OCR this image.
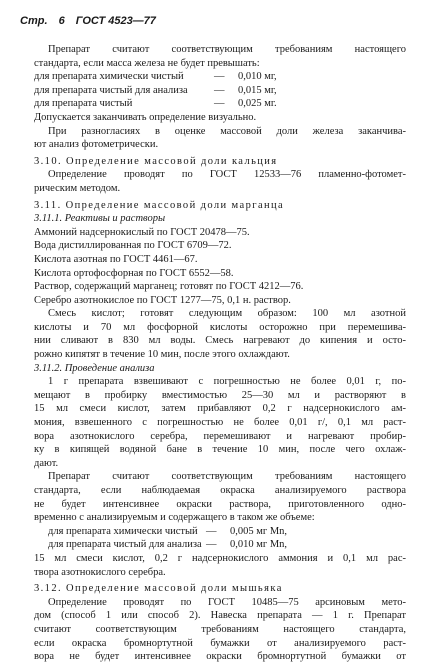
Стр. 6 ГОСТ 4523—77

Препарат считают соответствующим требованиям настоящего

стандарта, если масса железа не будет превышать:

для препарата химически чистый	—	0,010 мг,
для препарата чистый для анализа	—	0,015 мг,
для препарата чистый	—	0,025 мг.

Допускается заканчивать определение визуально.

При разногласиях в оценке массовой доли железа заканчива-

ют анализ фотометрически.

3.10. Определение массовой доли кальция

Определение проводят по ГОСТ 12533—76 пламенно-фотомет-

рическим методом.

3.11. Определение массовой доли марганца

3.11.1. Реактивы и растворы

Аммоний надсернокислый по ГОСТ 20478—75.

Вода дистиллированная по ГОСТ 6709—72.

Кислота азотная по ГОСТ 4461—67.

Кислота ортофосфорная по ГОСТ 6552—58.

Раствор, содержащий марганец; готовят по ГОСТ 4212—76.

Серебро азотнокислое по ГОСТ 1277—75, 0,1 н. раствор.

Смесь кислот; готовят следующим образом: 100 мл азотной

кислоты и 70 мл фосфорной кислоты осторожно при перемешива-

нии сливают в 830 мл воды. Смесь нагревают до кипения и осто-

рожно кипятят в течение 10 мин, после этого охлаждают.

3.11.2. Проведение анализа

1 г препарата взвешивают с погрешностью не более 0,01 г, по-

мещают в пробирку вместимостью 25—30 мл и растворяют в

15 мл смеси кислот, затем прибавляют 0,2 г надсернокислого ам-

мония, взвешенного с погрешностью не более 0,01 г/, 0,1 мл раст-

вора азотнокислого серебра, перемешивают и нагревают пробир-

ку в кипящей водяной бане в течение 10 мин, после чего охлаж-

дают.

Препарат считают соответствующим требованиям настоящего

стандарта, если наблюдаемая окраска анализируемого раствора

не будет интенсивнее окраски раствора, приготовленного одно-

временно с анализируемым и содержащего в таком же объеме:

для препарата химически чистый —	0,005 мг Mn,
для препарата чистый для анализа —	0,010 мг Mn,

15 мл смеси кислот, 0,2 г надсернокислого аммония и 0,1 мл рас-

твора азотнокислого серебра.

3.12. Определение массовой доли мышьяка

Определение проводят по ГОСТ 10485—75 арсиновым мето-

дом (способ 1 или способ 2). Навеска препарата — 1 г. Препарат

считают соответствующим требованиям настоящего стандарта,

если окраска бромнортутной бумажки от анализируемого раст-

вора не будет интенсивнее окраски бромнортутной бумажки от
